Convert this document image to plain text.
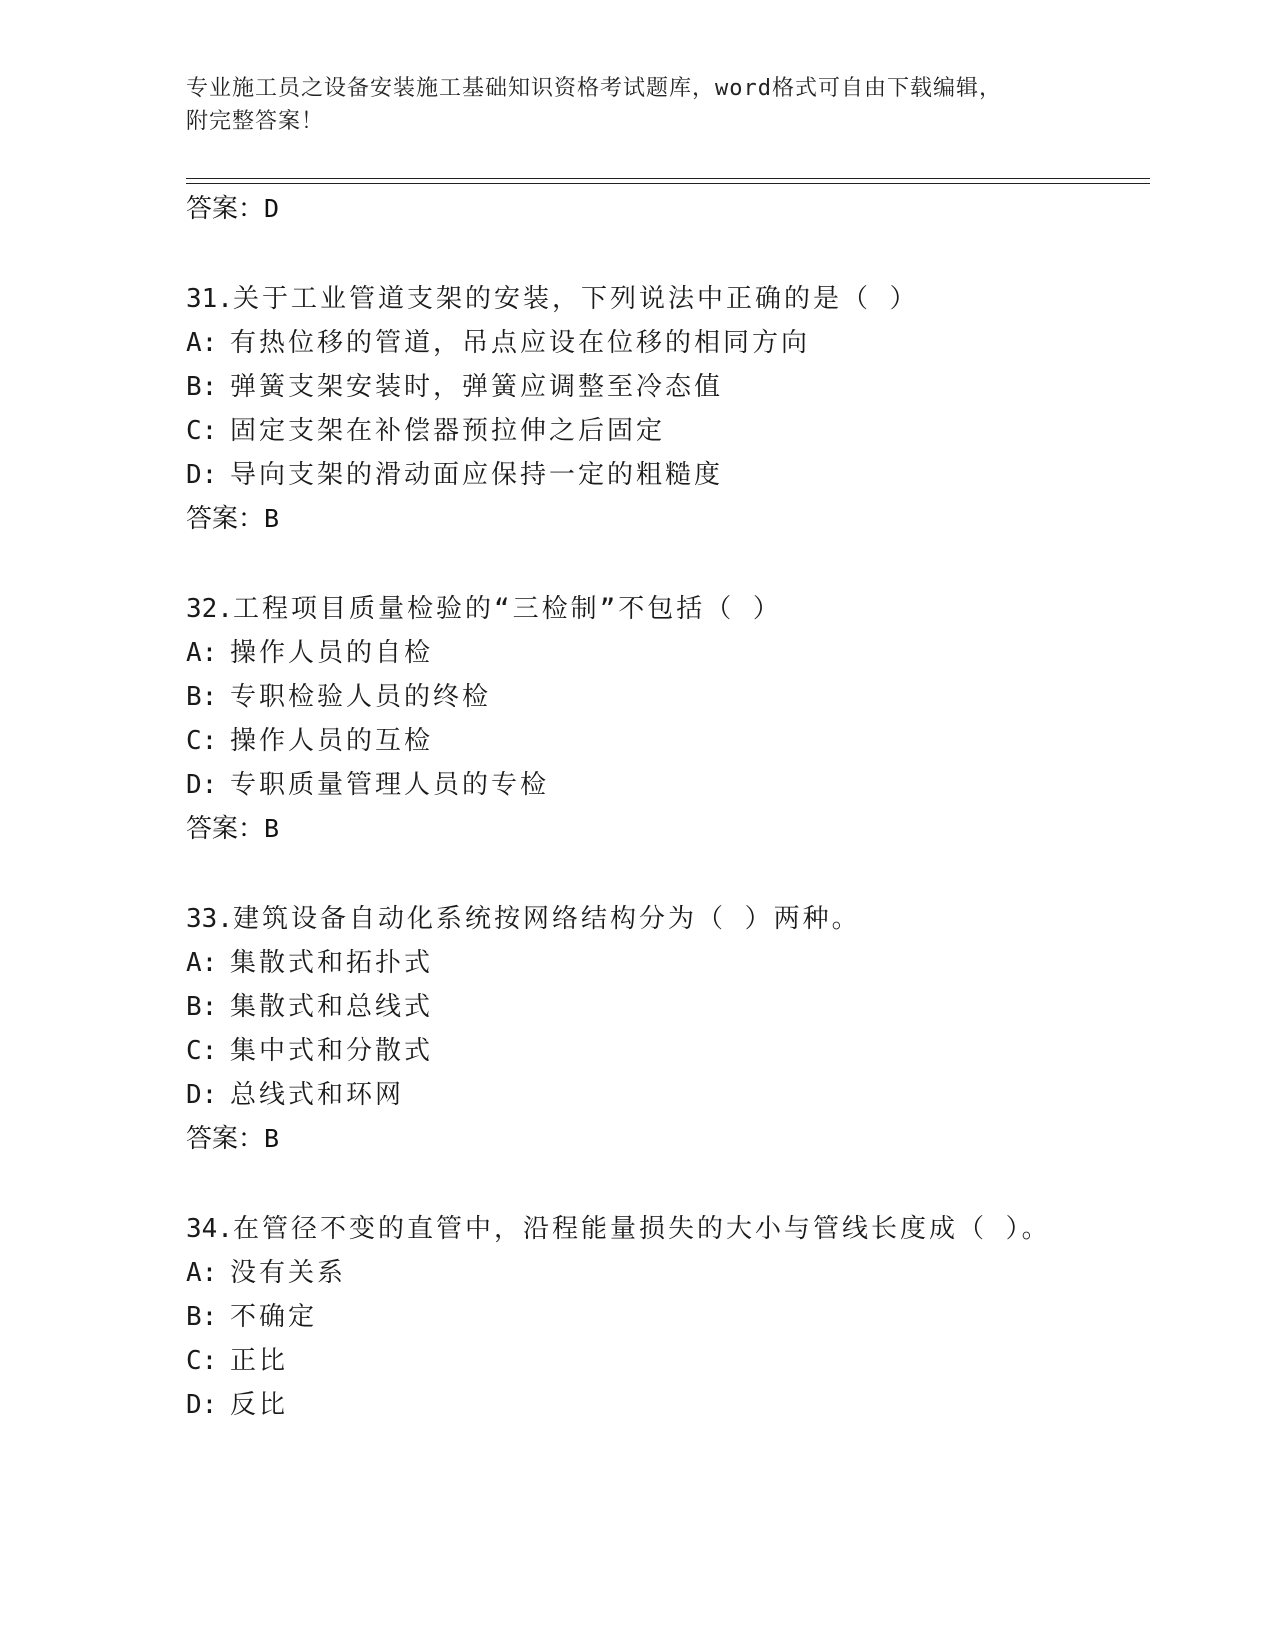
专业施工员之设备安装施工基础知识资格考试题库，word格式可自由下载编辑，
附完整答案！
答案：D
31.关于工业管道支架的安装，下列说法中正确的是（ ）
A: 有热位移的管道，吊点应设在位移的相同方向
B: 弹簧支架安装时，弹簧应调整至冷态值
C: 固定支架在补偿器预拉伸之后固定
D: 导向支架的滑动面应保持一定的粗糙度
答案：B
32.工程项目质量检验的“三检制”不包括（ ）
A: 操作人员的自检
B: 专职检验人员的终检
C: 操作人员的互检
D: 专职质量管理人员的专检
答案：B
33.建筑设备自动化系统按网络结构分为（ ）两种。
A: 集散式和拓扑式
B: 集散式和总线式
C: 集中式和分散式
D: 总线式和环网
答案：B
34.在管径不变的直管中，沿程能量损失的大小与管线长度成（ ）。
A: 没有关系
B: 不确定
C: 正比
D: 反比
